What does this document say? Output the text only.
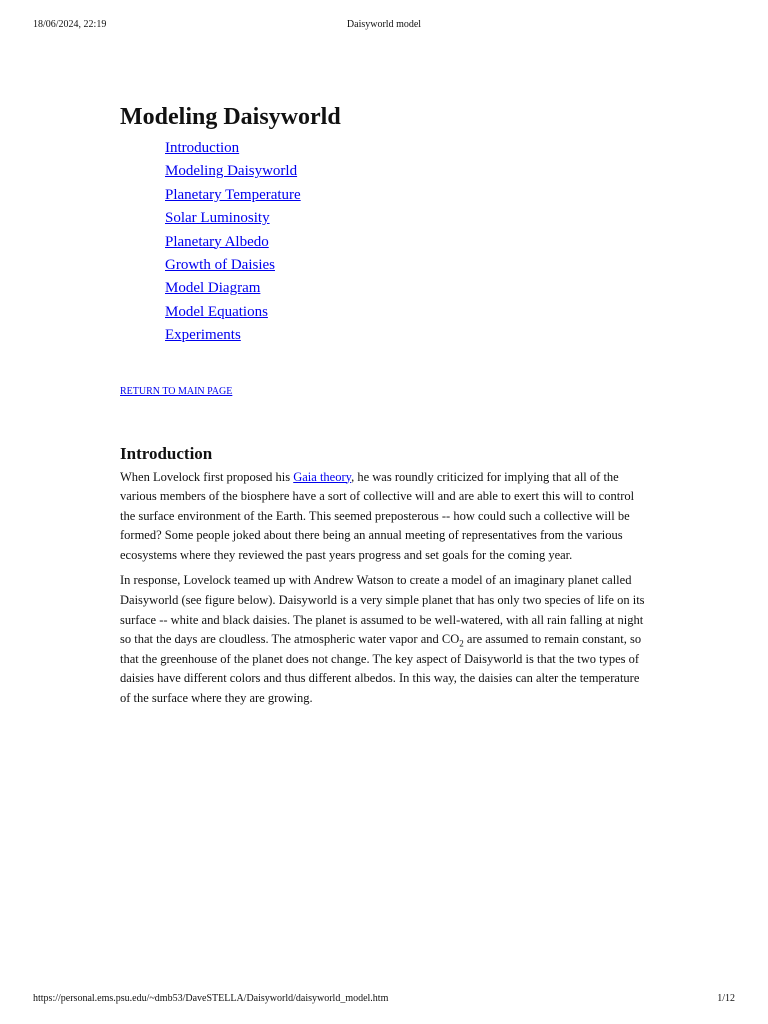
18/06/2024, 22:19	Daisyworld model
Modeling Daisyworld
Introduction
Modeling Daisyworld
Planetary Temperature
Solar Luminosity
Planetary Albedo
Growth of Daisies
Model Diagram
Model Equations
Experiments
RETURN TO MAIN PAGE
Introduction

When Lovelock first proposed his Gaia theory, he was roundly criticized for implying that all of the various members of the biosphere have a sort of collective will and are able to exert this will to control the surface environment of the Earth. This seemed preposterous -- how could such a collective will be formed? Some people joked about there being an annual meeting of representatives from the various ecosystems where they reviewed the past years progress and set goals for the coming year.

In response, Lovelock teamed up with Andrew Watson to create a model of an imaginary planet called Daisyworld (see figure below). Daisyworld is a very simple planet that has only two species of life on its surface -- white and black daisies. The planet is assumed to be well-watered, with all rain falling at night so that the days are cloudless. The atmospheric water vapor and $CO_2$ are assumed to remain constant, so that the greenhouse of the planet does not change. The key aspect of Daisyworld is that the two types of daisies have different colors and thus different albedos. In this way, the daisies can alter the temperature of the surface where they are growing.

https://personal.ems.psu.edu/~dmb53/DaveSTELLA/Daisyworld/daisyworld_model.htm	1/12
